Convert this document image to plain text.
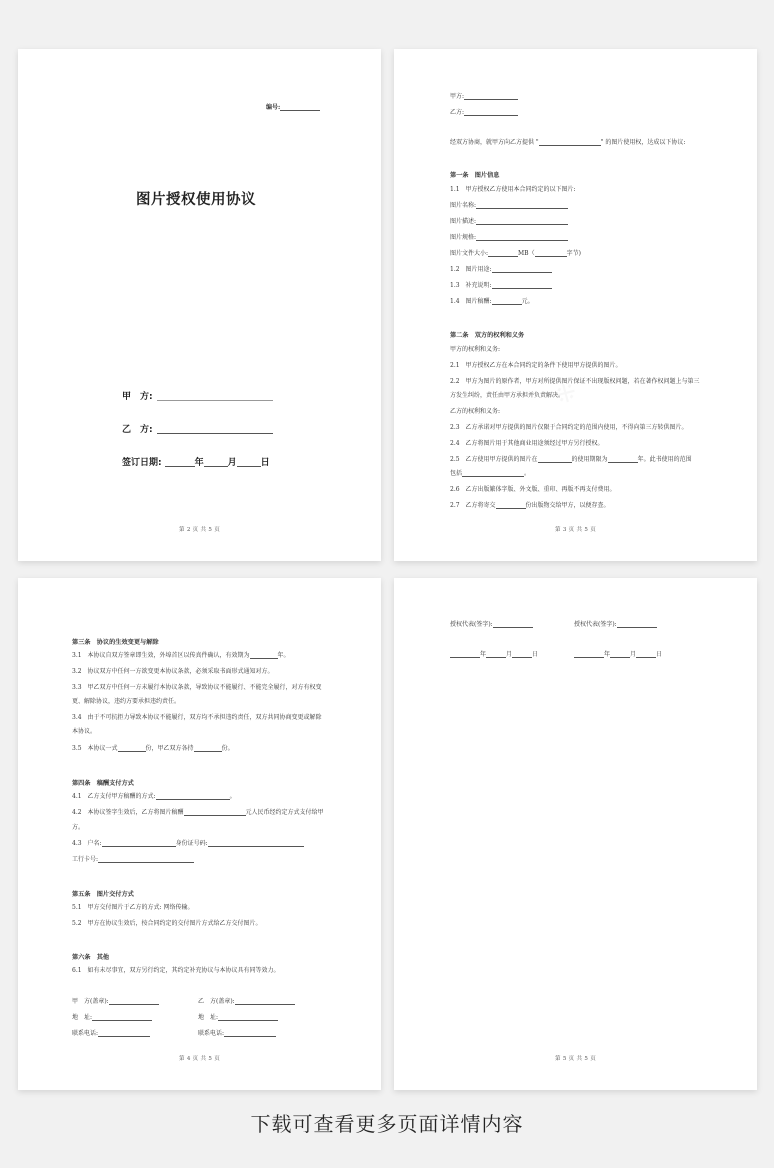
编号:
图片授权使用协议
甲　方:
乙　方:
签订日期:	年	月	日
第 2 页 共 5 页
甲方:
乙方:
经双方协商，就甲方向乙方提供 "	" 的图片使用权，达成以下协议:
第一条　图片信息
1.1　甲方授权乙方使用本合同约定的以下图片:
图片名称:
图片描述:
图片规格:
图片文件大小:	MB（	字节)
1.2　图片用途:
1.3　补充说明:
1.4　图片稿酬:	元。
第二条　双方的权利和义务
甲方的权利和义务:
2.1　甲方授权乙方在本合同约定的条件下使用甲方提供的图片。
2.2　甲方为图片的原作者，甲方对所提供图片保证不出现版权问题，若在著作权问题上与第三
方发生纠纷，责任由甲方承担并负责解决。
乙方的权利和义务:
2.3　乙方承诺对甲方提供的图片仅限于合同约定的范围内使用，不得向第三方转供图片。
2.4　乙方将图片用于其他商业用途须经过甲方另行授权。
2.5　乙方使用甲方提供的图片在	的使用期限为	年。此书使用的范围
包括	。
2.6　乙方出版繁体字版、外文版、重印、再版不再支付费用。
2.7　乙方将寄交	份出版物交给甲方，以便存查。
第 3 页 共 5 页
第三条　协议的生效变更与解除
3.1　本协议自双方签章即生效，外埠首区以传真件确认，有效期为	年。
3.2　协议双方中任何一方欲变更本协议条款，必须采取书面形式通知对方。
3.3　甲乙双方中任何一方未履行本协议条款，导致协议不能履行、不能完全履行，对方有权变
更、解除协议，违约方要承担违约责任。
3.4　由于不可抗拒力导致本协议不能履行，双方均不承担违约责任，双方共同协商变更或解除
本协议。
3.5　本协议一式	份，甲乙双方各持	份。
第四条　稿酬支付方式
4.1　乙方支付甲方稿酬的方式:	。
4.2　本协议签字生效后，乙方将图片稿酬	元人民币经约定方式支付给甲
方。
4.3　户名:	身份证号码:
工行卡号:
第五条　图片交付方式
5.1　甲方交付图片于乙方的方式: 网络传输。
5.2　甲方在协议生效后，按合同约定的交付图片方式给乙方交付图片。
第六条　其他
6.1　如有未尽事宜，双方另行约定，其约定补充协议与本协议具有同等效力。
甲　方(盖章):	乙　方(盖章):
地　址:	地　址:
联系电话:	联系电话:
第 4 页 共 5 页
授权代表(签字):	授权代表(签字):
年	月	日	年	月	日
第 5 页 共 5 页
下载可查看更多页面详情内容
